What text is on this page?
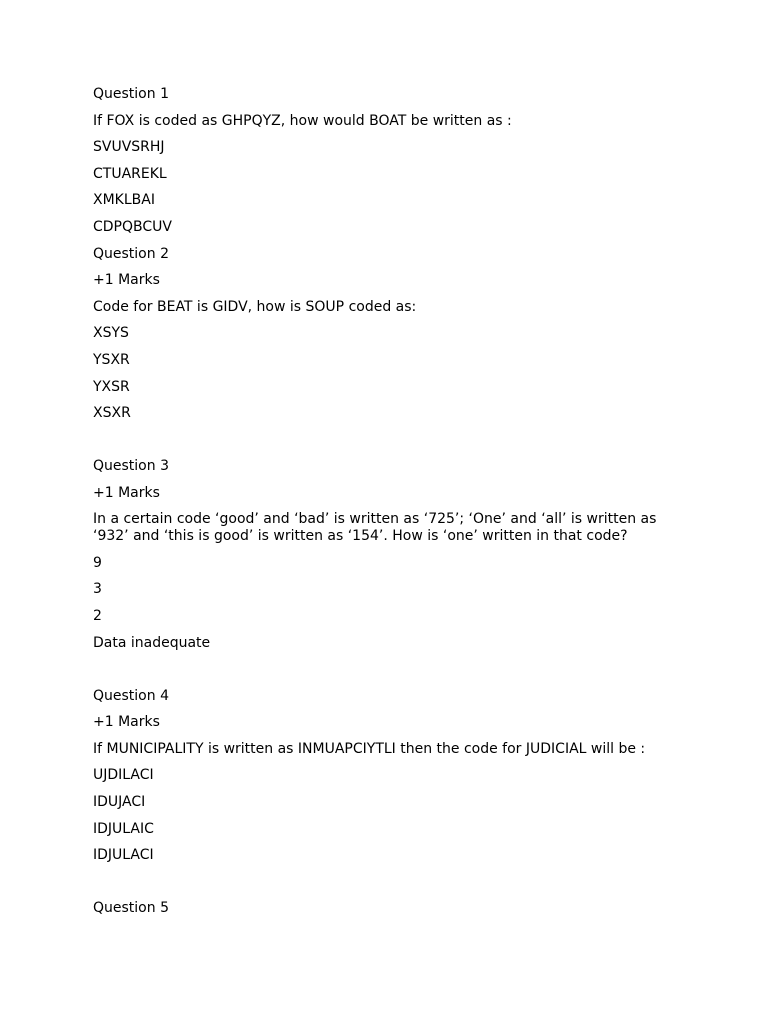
Question 1

If FOX is coded as GHPQYZ, how would BOAT be written as :

SVUVSRHJ

CTUAREKL

XMKLBAI

CDPQBCUV

Question 2

+1 Marks

Code for BEAT is GIDV, how is SOUP coded as:

XSYS

YSXR

YXSR

XSXR

Question 3

+1 Marks

In a certain code ‘good’ and ‘bad’ is written as ‘725’; ‘One’ and ‘all’ is written as ‘932’ and ‘this is good’ is written as ‘154’. How is ‘one’ written in that code?

9

3

2

Data inadequate

Question 4

+1 Marks

If MUNICIPALITY is written as INMUAPCIYTLI then the code for JUDICIAL will be :

UJDILACI

IDUJACI

IDJULAIC

IDJULACI

Question 5
